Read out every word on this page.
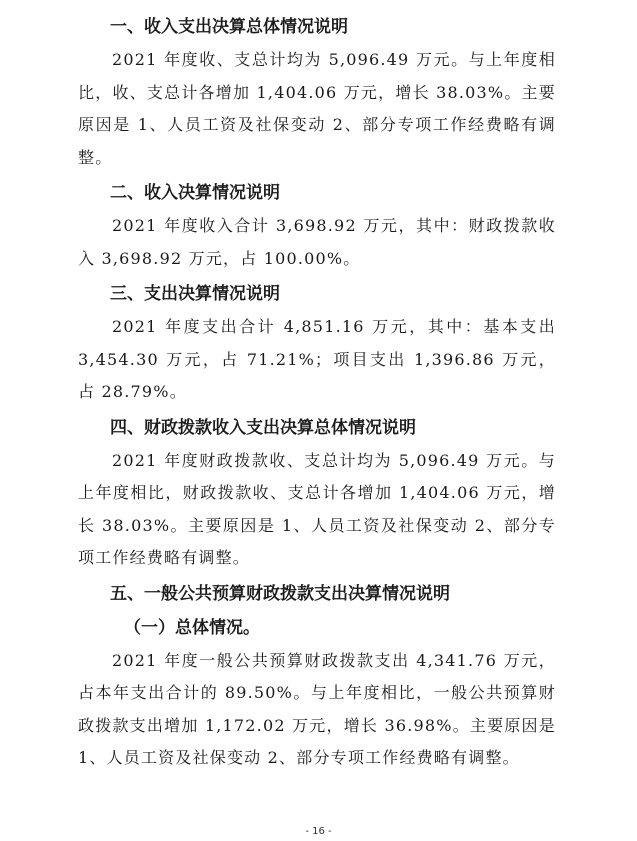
一、收入支出决算总体情况说明
2021 年度收、支总计均为 5,096.49 万元。与上年度相比，收、支总计各增加 1,404.06 万元，增长 38.03%。主要原因是 1、人员工资及社保变动 2、部分专项工作经费略有调整。
二、收入决算情况说明
2021 年度收入合计 3,698.92 万元，其中：财政拨款收入 3,698.92 万元，占 100.00%。
三、支出决算情况说明
2021 年度支出合计 4,851.16 万元，其中：基本支出 3,454.30 万元，占 71.21%；项目支出 1,396.86 万元，占 28.79%。
四、财政拨款收入支出决算总体情况说明
2021 年度财政拨款收、支总计均为 5,096.49 万元。与上年度相比，财政拨款收、支总计各增加 1,404.06 万元，增长 38.03%。主要原因是 1、人员工资及社保变动 2、部分专项工作经费略有调整。
五、一般公共预算财政拨款支出决算情况说明
（一）总体情况。
2021 年度一般公共预算财政拨款支出 4,341.76 万元，占本年支出合计的 89.50%。与上年度相比，一般公共预算财政拨款支出增加 1,172.02 万元，增长 36.98%。主要原因是 1、人员工资及社保变动 2、部分专项工作经费略有调整。
- 16 -
